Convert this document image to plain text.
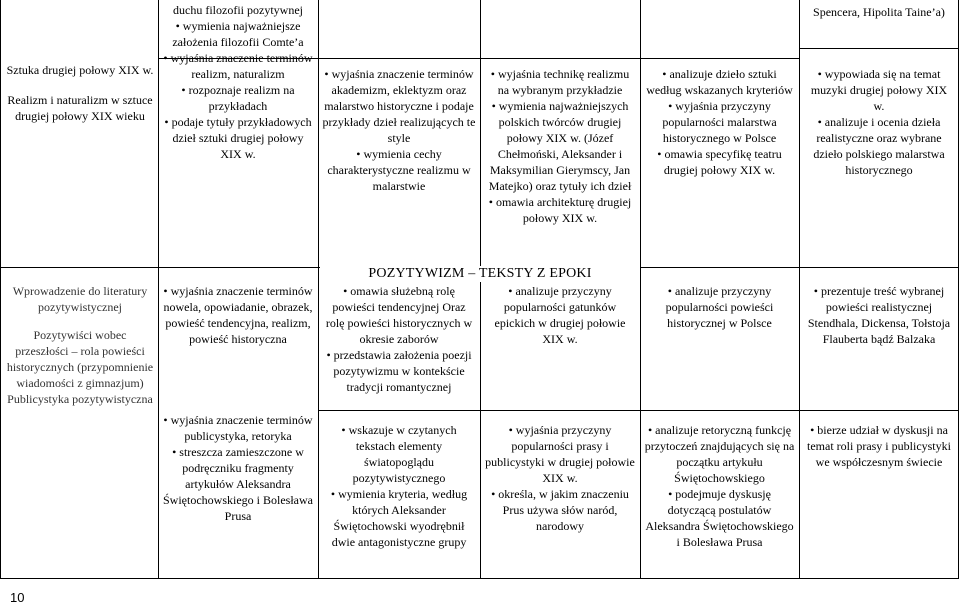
POZYTYWIZM – TEKSTY Z EPOKI
Sztuka drugiej połowy XIX w.
Realizm i naturalizm w sztuce drugiej połowy XIX wieku
Wprowadzenie do literatury pozytywistycznej
Pozytywiści wobec przeszłości – rola powieści historycznych (przypomnienie wiadomości z gimnazjum)
Publicystyka pozytywistyczna
duchu filozofii pozytywnej
• wymienia najważniejsze założenia filozofii Comte’a
• wyjaśnia znaczenie terminów realizm, naturalizm
• rozpoznaje realizm na przykładach
• podaje tytuły przykładowych dzieł sztuki drugiej połowy XIX w.
• wyjaśnia znaczenie terminów nowela, opowiadanie, obrazek, powieść tendencyjna, realizm, powieść historyczna
• wyjaśnia znaczenie terminów publicystyka, retoryka
• streszcza zamieszczone w podręczniku fragmenty artykułów Aleksandra Świętochowskiego i Bolesława Prusa
• wyjaśnia znaczenie terminów akademizm, eklektyzm oraz malarstwo historyczne i podaje przykłady dzieł realizujących te style
• wymienia cechy charakterystyczne realizmu w malarstwie
• omawia służebną rolę powieści tendencyjnej Oraz rolę powieści historycznych w okresie zaborów
• przedstawia założenia poezji pozytywizmu w kontekście tradycji romantycznej
• wskazuje w czytanych tekstach elementy światopoglądu pozytywistycznego
• wymienia kryteria, według których Aleksander Świętochowski wyodrębnił dwie antagonistyczne grupy
• wyjaśnia technikę realizmu na wybranym przykładzie
• wymienia najważniejszych polskich twórców drugiej połowy XIX w. (Józef Chełmoński, Aleksander i Maksymilian Gierymscy, Jan Matejko) oraz tytuły ich dzieł
• omawia architekturę drugiej połowy XIX w.
• analizuje przyczyny popularności gatunków epickich w drugiej połowie XIX w.
• wyjaśnia przyczyny popularności prasy i publicystyki w drugiej połowie XIX w.
• określa, w jakim znaczeniu Prus używa słów naród, narodowy
• analizuje dzieło sztuki według wskazanych kryteriów
• wyjaśnia przyczyny popularności malarstwa historycznego w Polsce
• omawia specyfikę teatru drugiej połowy XIX w.
• analizuje przyczyny popularności powieści historycznej w Polsce
• analizuje retoryczną funkcję przytoczeń znajdujących się na początku artykułu Świętochowskiego
• podejmuje dyskusję dotyczącą postulatów Aleksandra Świętochowskiego i Bolesława Prusa
Spencera, Hipolita Taine’a)
• wypowiada się na temat muzyki drugiej połowy XIX w.
• analizuje i ocenia dzieła realistyczne oraz wybrane dzieło polskiego malarstwa historycznego
• prezentuje treść wybranej powieści realistycznej Stendhala, Dickensa, Tołstoja Flauberta bądź Balzaka
• bierze udział w dyskusji na temat roli prasy i publicystyki we współczesnym świecie
10
